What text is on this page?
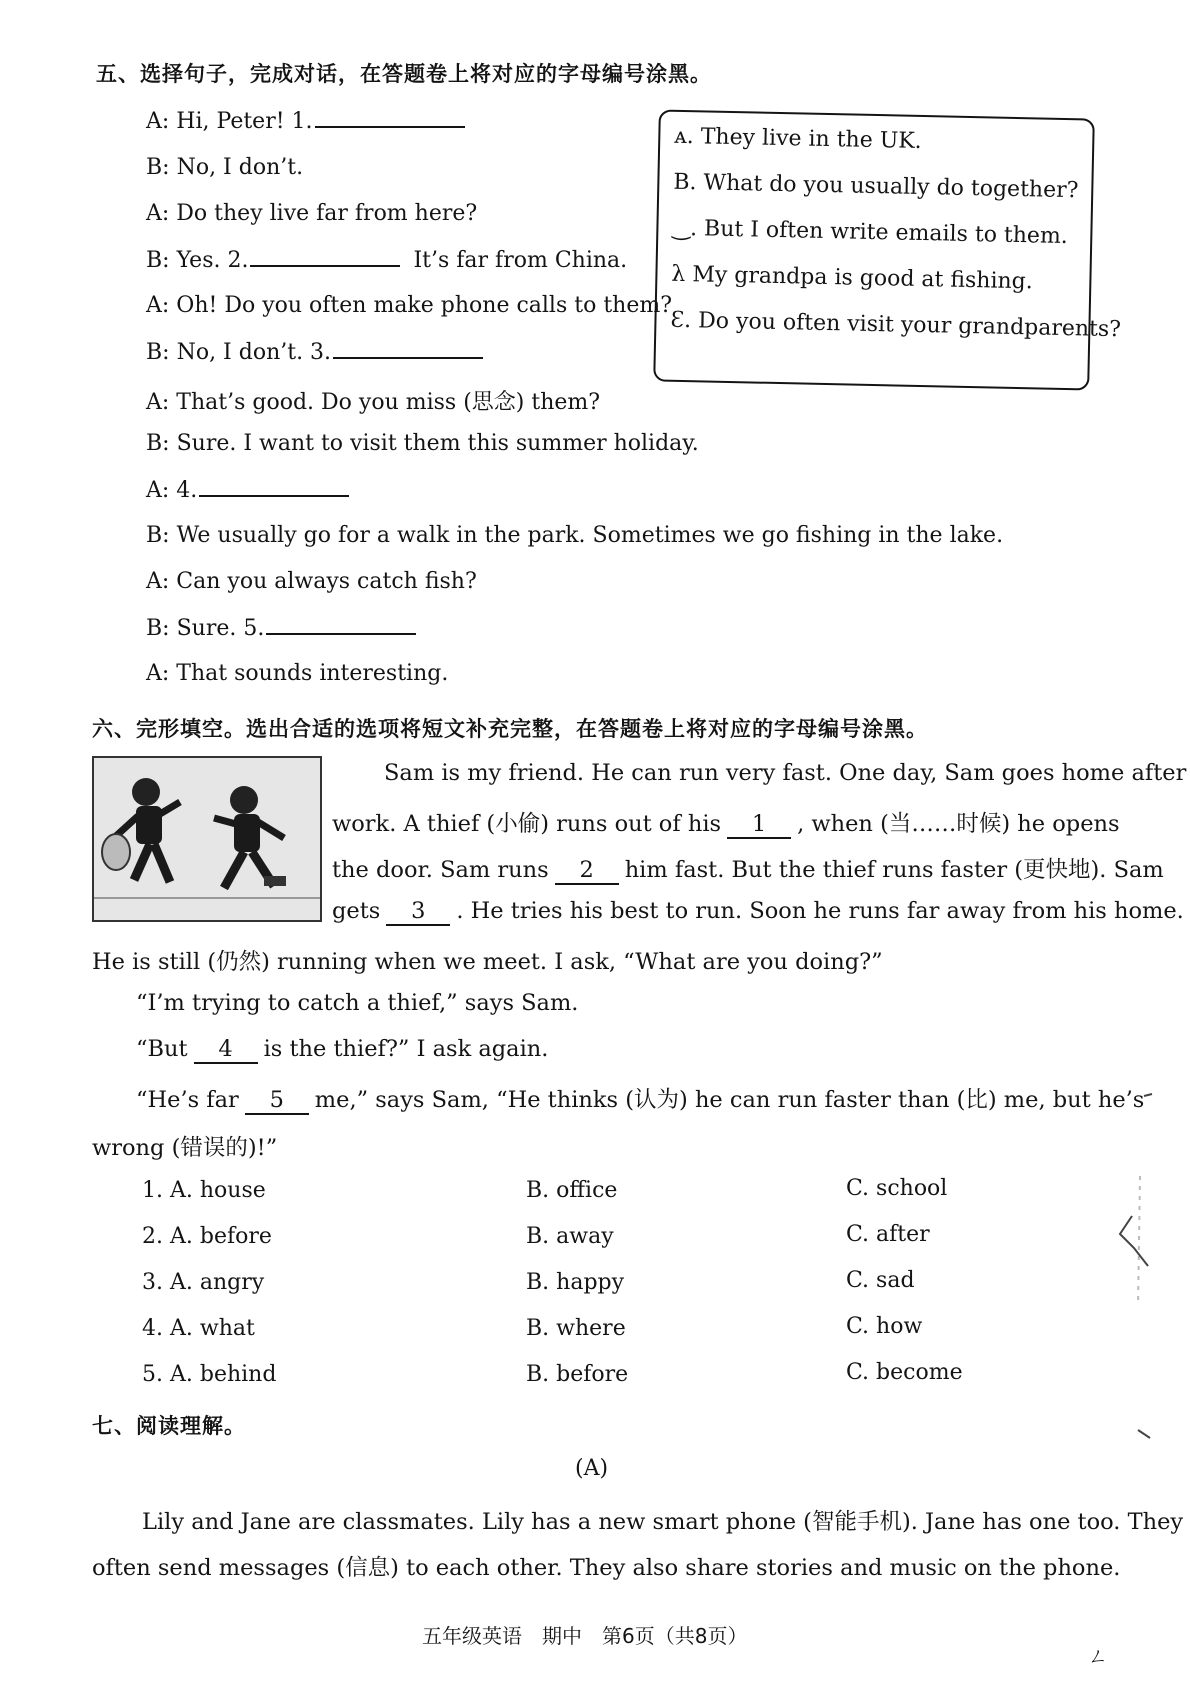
五、选择句子，完成对话，在答题卷上将对应的字母编号涂黑。
A: Hi, Peter! 1.
B: No, I don’t.
A: Do they live far from here?
B: Yes. 2.	It’s far from China.
A: Oh! Do you often make phone calls to them?
B: No, I don’t. 3.
A: That’s good. Do you miss (思念) them?
B: Sure. I want to visit them this summer holiday.
A: 4.
B: We usually go for a walk in the park. Sometimes we go fishing in the lake.
A: Can you always catch fish?
B: Sure. 5.
A: That sounds interesting.
ᴀ. They live in the UK.
B. What do you usually do together?
‿. But I often write emails to them.
λ My grandpa is good at fishing.
Ɛ. Do you often visit your grandparents?
六、完形填空。选出合适的选项将短文补充完整，在答题卷上将对应的字母编号涂黑。
Sam is my friend. He can run very fast. One day, Sam goes home after
work. A thief (小偷) runs out of his 1 , when (当……时候) he opens
the door. Sam runs 2 him fast. But the thief runs faster (更快地). Sam
gets 3 . He tries his best to run. Soon he runs far away from his home.
He is still (仍然) running when we meet. I ask, “What are you doing?”
“I’m trying to catch a thief,” says Sam.
“But 4 is the thief?” I ask again.
“He’s far 5 me,” says Sam, “He thinks (认为) he can run faster than (比) me, but he’s
wrong (错误的)!”
1. A. house	B. office	C. school
2. A. before	B. away	C. after
3. A. angry	B. happy	C. sad
4. A. what	B. where	C. how
5. A. behind	B. before	C. become
七、阅读理解。
(A)
Lily and Jane are classmates. Lily has a new smart phone (智能手机). Jane has one too. They
often send messages (信息) to each other. They also share stories and music on the phone.
五年级英语　期中　第6页（共8页）
ㄥ
